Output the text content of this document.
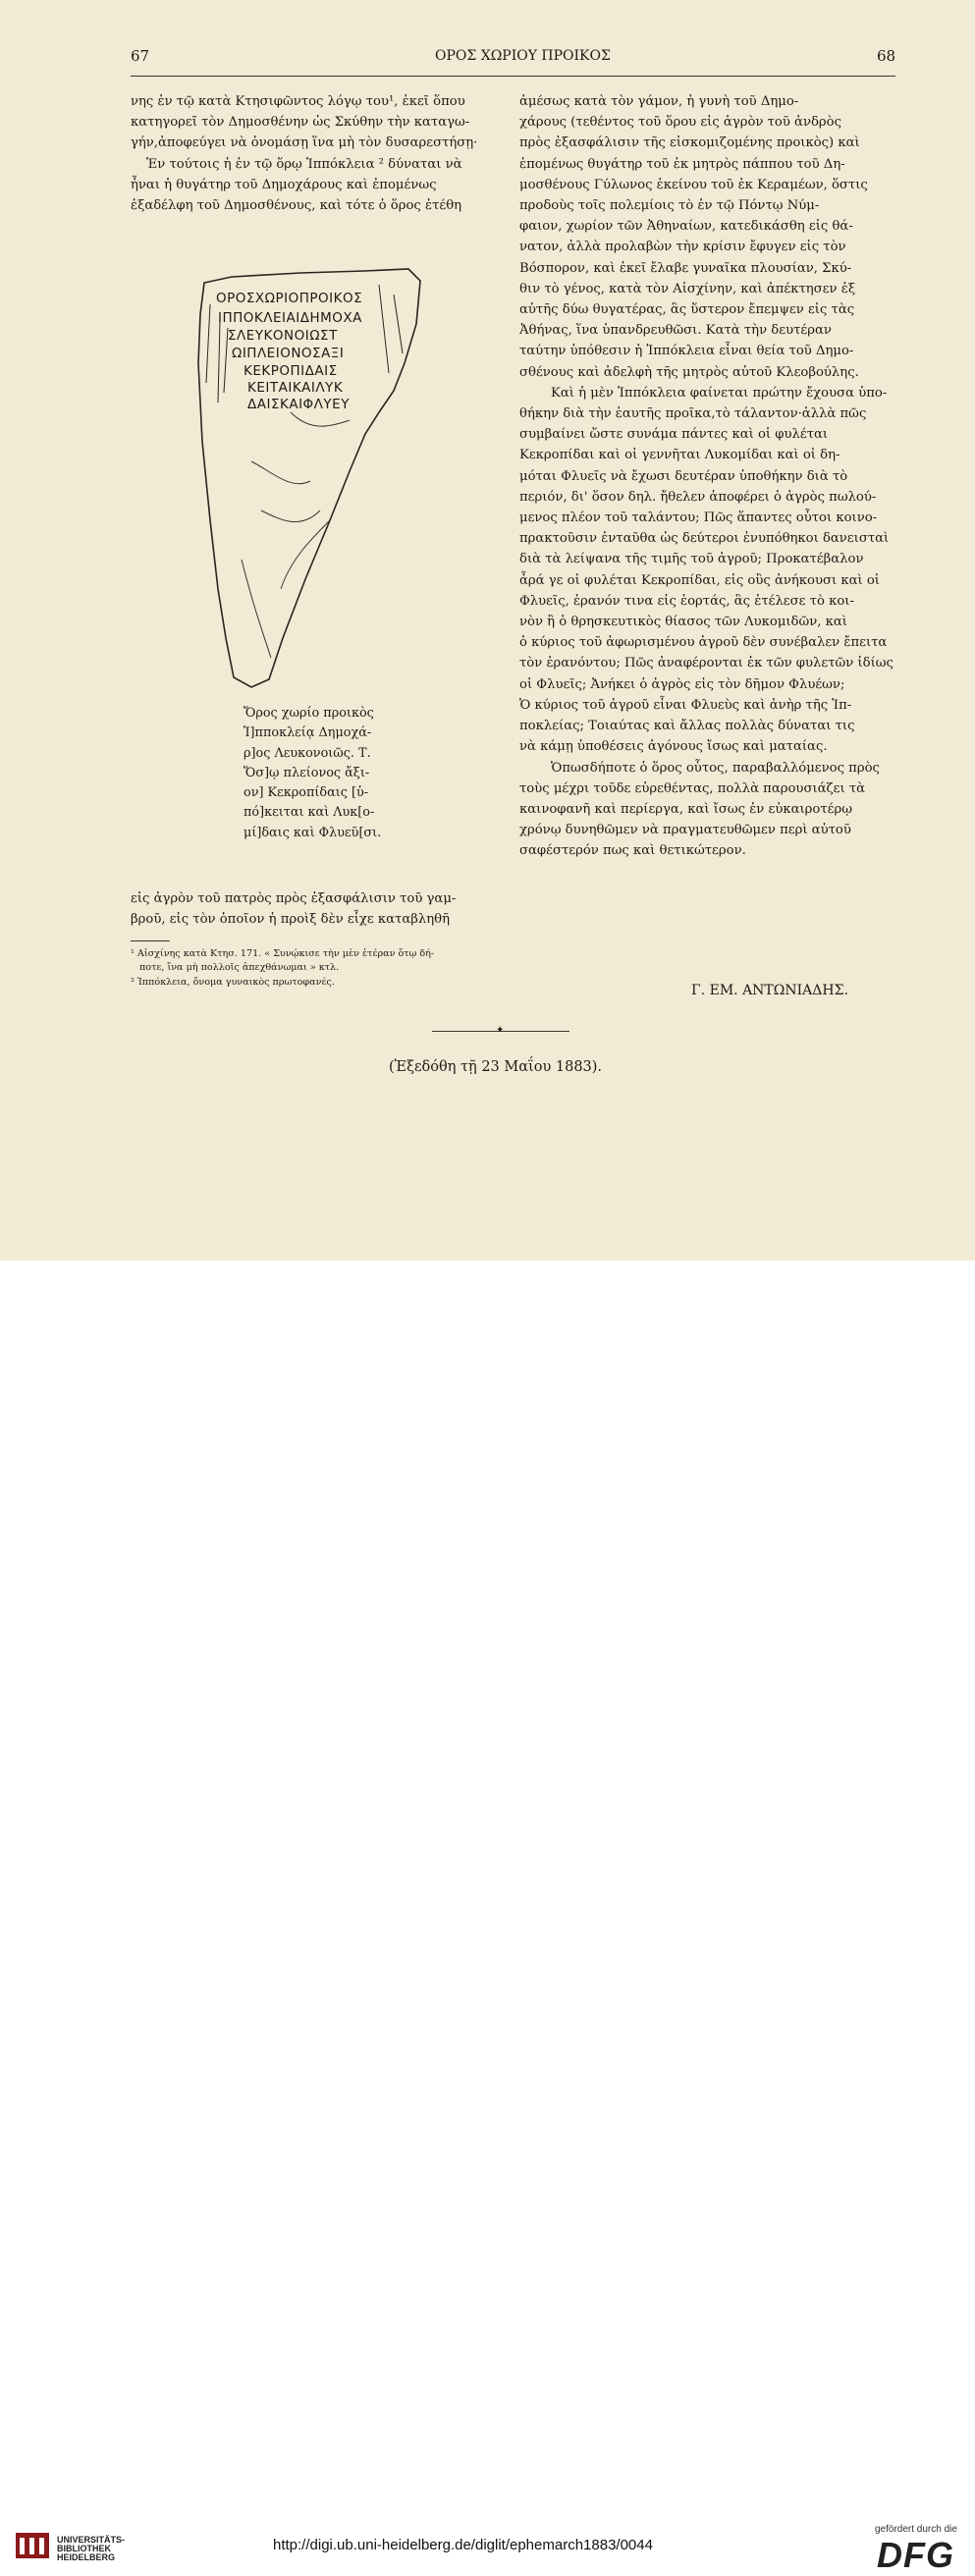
67	ΟΡΟΣ ΧΩΡΙΟΥ ΠΡΟΙΚΟΣ	68
νης ἐν τῷ κατὰ Κτησιφῶντος λόγῳ του¹, ἐκεῖ ὅπου
κατηγορεῖ τὸν Δημοσθένην ὡς Σκύθην τὴν καταγω-
γήν,ἀποφεύγει νὰ ὀνομάσῃ ἵνα μὴ τὸν δυσαρεστήσῃ·
Ἐν τούτοις ἡ ἐν τῷ ὅρῳ Ἱππόκλεια ² δύναται νὰ
ἦναι ἡ θυγάτηρ τοῦ Δημοχάρους καὶ ἐπομένως
ἐξαδέλφη τοῦ Δημοσθένους, καὶ τότε ὁ ὅρος ἐτέθη
ΟΡΟΣΧΩΡΙΟΠΡΟΙΚΟΣ
ΙΠΠΟΚΛΕΙΑΙΔΗΜΟΧΑ
ΣΛΕΥΚΟΝΟΙΩΣΤ
ΩΙΠΛΕΙΟΝΟΣΑΞΙ
ΚΕΚΡΟΠΙΔΑΙΣ
ΚΕΙΤΑΙΚΑΙΛΥΚ
ΔΑΙΣΚΑΙΦΛΥΕΥ
Ὅρος χωρίο προικὸς
Ἱ]πποκλείᾳ Δημοχά-
ρ]ος Λευκονοιῶς. Τ.
Ὅσ]ῳ πλείονος ἄξι-
ον] Κεκροπίδαις [ὑ-
πό]κειται καὶ Λυκ[ο-
μί]δαις καὶ Φλυεῦ[σι.
εἰς ἀγρὸν τοῦ πατρὸς πρὸς ἐξασφάλισιν τοῦ γαμ-
βροῦ, εἰς τὸν ὁποῖον ἡ προὶξ δὲν εἶχε καταβληθῆ
¹ Αἰσχίνης κατὰ Κτησ. 171. « Συνῴκισε τὴν μὲν ἑτέραν ὅτῳ δή-
ποτε, ἵνα μὴ πολλοῖς ἀπεχθάνωμαι » κτλ.
² Ἱππόκλεια, ὄνομα γυναικὸς πρωτοφανές.
ἀμέσως κατὰ τὸν γάμον, ἡ γυνὴ τοῦ Δημο-
χάρους (τεθέντος τοῦ ὅρου εἰς ἀγρὸν τοῦ ἀνδρὸς
πρὸς ἐξασφάλισιν τῆς εἰσκομιζομένης προικὸς) καὶ
ἐπομένως θυγάτηρ τοῦ ἐκ μητρὸς πάππου τοῦ Δη-
μοσθένους Γύλωνος ἐκείνου τοῦ ἐκ Κεραμέων, ὅστις
προδοὺς τοῖς πολεμίοις τὸ ἐν τῷ Πόντῳ Νύμ-
φαιον, χωρίον τῶν Ἀθηναίων, κατεδικάσθη εἰς θά-
νατον, ἀλλὰ προλαβὼν τὴν κρίσιν ἔφυγεν εἰς τὸν
Βόσπορον, καὶ ἐκεῖ ἔλαβε γυναῖκα πλουσίαν, Σκύ-
θιν τὸ γένος, κατὰ τὸν Αἰσχίνην, καὶ ἀπέκτησεν ἐξ
αὐτῆς δύω θυγατέρας, ἃς ὕστερον ἔπεμψεν εἰς τὰς
Ἀθήνας, ἵνα ὑπανδρευθῶσι. Κατὰ τὴν δευτέραν
ταύτην ὑπόθεσιν ἡ Ἱππόκλεια εἶναι θεία τοῦ Δημο-
σθένους καὶ ἀδελφὴ τῆς μητρὸς αὐτοῦ Κλεοβούλης.
Καὶ ἡ μὲν Ἱππόκλεια φαίνεται πρώτην ἔχουσα ὑπο-
θήκην διὰ τὴν ἑαυτῆς προῖκα,τὸ τάλαντον·ἀλλὰ πῶς
συμβαίνει ὥστε συνάμα πάντες καὶ οἱ φυλέται
Κεκροπίδαι καὶ οἱ γεννῆται Λυκομίδαι καὶ οἱ δη-
μόται Φλυεῖς νὰ ἔχωσι δευτέραν ὑποθήκην διὰ τὸ
περιόν, δι' ὅσον δηλ. ἤθελεν ἀποφέρει ὁ ἀγρὸς πωλού-
μενος πλέον τοῦ ταλάντου; Πῶς ἅπαντες οὗτοι κοινο-
πρακτοῦσιν ἐνταῦθα ὡς δεύτεροι ἐνυπόθηκοι δανεισταὶ
διὰ τὰ λείψανα τῆς τιμῆς τοῦ ἀγροῦ; Προκατέβαλον
ἆρά γε οἱ φυλέται Κεκροπίδαι, εἰς οὓς ἀνήκουσι καὶ οἱ
Φλυεῖς, ἐρανόν τινα εἰς ἑορτάς, ἃς ἐτέλεσε τὸ κοι-
νὸν ἢ ὁ θρησκευτικὸς θίασος τῶν Λυκομιδῶν, καὶ
ὁ κύριος τοῦ ἀφωρισμένου ἀγροῦ δὲν συνέβαλεν ἔπειτα
τὸν ἐρανόντου; Πῶς ἀναφέρονται ἐκ τῶν φυλετῶν ἰδίως
οἱ Φλυεῖς; Ἀνήκει ὁ ἀγρὸς εἰς τὸν δῆμον Φλυέων;
Ὁ κύριος τοῦ ἀγροῦ εἶναι Φλυεὺς καὶ ἀνὴρ τῆς Ἱπ-
ποκλείας; Τοιαύτας καὶ ἄλλας πολλὰς δύναται τις
νὰ κάμῃ ὑποθέσεις ἀγόνους ἴσως καὶ ματαίας.
Ὁπωσδήποτε ὁ ὅρος οὗτος, παραβαλλόμενος πρὸς
τοὺς μέχρι τοῦδε εὑρεθέντας, πολλὰ παρουσιάζει τὰ
καινοφανῆ καὶ περίεργα, καὶ ἴσως ἐν εὐκαιροτέρῳ
χρόνῳ δυνηθῶμεν νὰ πραγματευθῶμεν περὶ αὐτοῦ
σαφέστερόν πως καὶ θετικώτερον.
Γ. ΕΜ. ΑΝΤΩΝΙΑΔΗΣ.
✦
(Ἐξεδόθη τῇ 23 Μαΐου 1883).
UNIVERSITÄTS-
BIBLIOTHEK
HEIDELBERG
http://digi.ub.uni-heidelberg.de/diglit/ephemarch1883/0044
gefördert durch die
DFG
